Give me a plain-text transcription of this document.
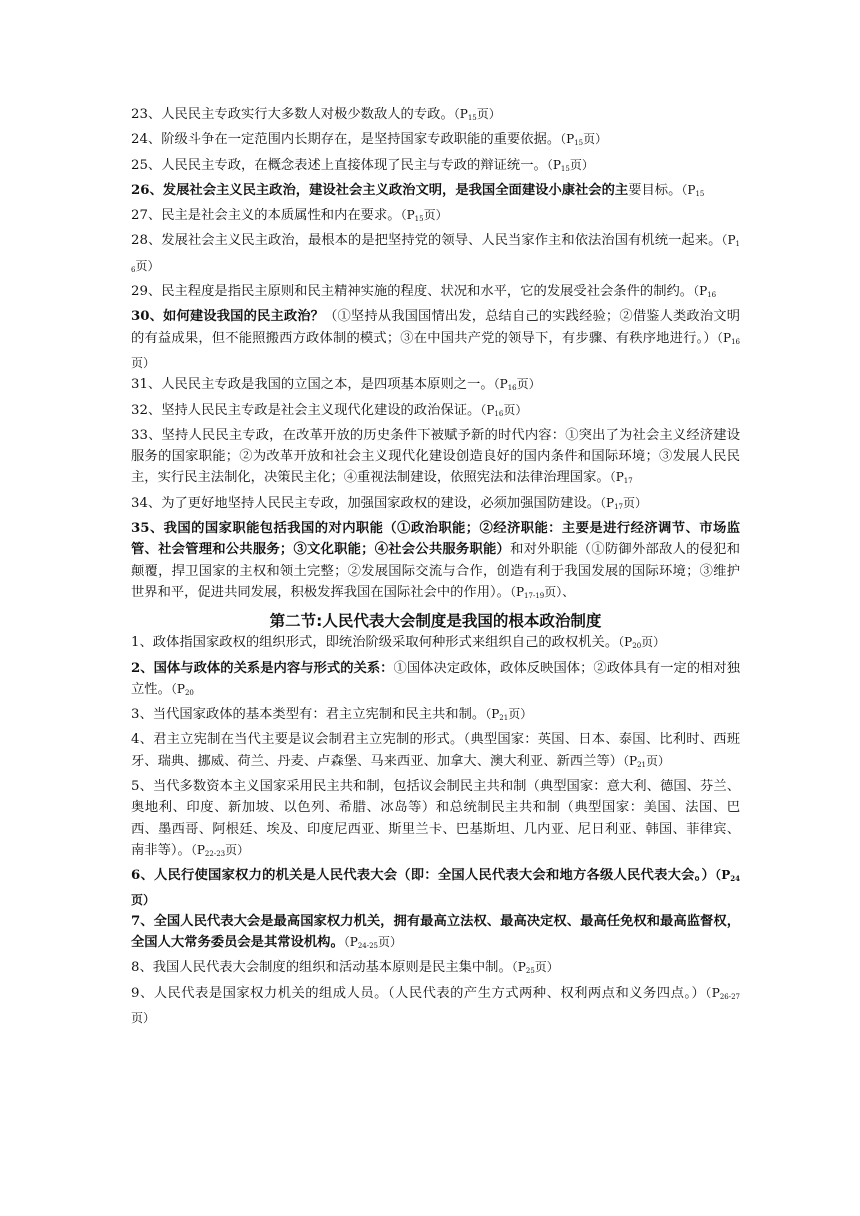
23、人民民主专政实行大多数人对极少数敌人的专政。（$P_{15}$页）

24、阶级斗争在一定范围内长期存在，是坚持国家专政职能的重要依据。（$P_{15}$页）

25、人民民主专政，在概念表述上直接体现了民主与专政的辩证统一。（$P_{15}$页）

26、发展社会主义民主政治，建设社会主义政治文明，是我国全面建设小康社会的主要目标。（$P_{15}$

27、民主是社会主义的本质属性和内在要求。（$P_{15}$页）

28、发展社会主义民主政治，最根本的是把坚持党的领导、人民当家作主和依法治国有机统一起来。（$P_{16}$页）

29、民主程度是指民主原则和民主精神实施的程度、状况和水平，它的发展受社会条件的制约。（$P_{16}$

30、如何建设我国的民主政治？（①坚持从我国国情出发，总结自己的实践经验；②借鉴人类政治文明的有益成果，但不能照搬西方政体制的模式；③在中国共产党的领导下，有步骤、有秩序地进行。）（$P_{16}$页）

31、人民民主专政是我国的立国之本，是四项基本原则之一。（$P_{16}$页）

32、坚持人民民主专政是社会主义现代化建设的政治保证。（$P_{16}$页）

33、坚持人民民主专政，在改革开放的历史条件下被赋予新的时代内容：①突出了为社会主义经济建设服务的国家职能；②为改革开放和社会主义现代化建设创造良好的国内条件和国际环境；③发展人民民主，实行民主法制化，决策民主化；④重视法制建设，依照宪法和法律治理国家。（$P_{17}$

34、为了更好地坚持人民民主专政，加强国家政权的建设，必须加强国防建设。（$P_{17}$页）

35、我国的国家职能包括我国的对内职能（①政治职能；②经济职能：主要是进行经济调节、市场监管、社会管理和公共服务；③文化职能；④社会公共服务职能）和对外职能（①防御外部敌人的侵犯和颠覆，捍卫国家的主权和领土完整；②发展国际交流与合作，创造有利于我国发展的国际环境；③维护世界和平，促进共同发展，积极发挥我国在国际社会中的作用）。（$P_{17-19}$页）、

第二节:人民代表大会制度是我国的根本政治制度

1、政体指国家政权的组织形式，即统治阶级采取何种形式来组织自己的政权机关。（$P_{20}$页）

2、国体与政体的关系是内容与形式的关系：①国体决定政体，政体反映国体；②政体具有一定的相对独立性。（$P_{20}$

3、当代国家政体的基本类型有：君主立宪制和民主共和制。（$P_{21}$页）

4、君主立宪制在当代主要是议会制君主立宪制的形式。（典型国家：英国、日本、泰国、比利时、西班牙、瑞典、挪威、荷兰、丹麦、卢森堡、马来西亚、加拿大、澳大利亚、新西兰等）（$P_{21}$页）

5、当代多数资本主义国家采用民主共和制，包括议会制民主共和制（典型国家：意大利、德国、芬兰、奥地利、印度、新加坡、以色列、希腊、冰岛等）和总统制民主共和制（典型国家：美国、法国、巴西、墨西哥、阿根廷、埃及、印度尼西亚、斯里兰卡、巴基斯坦、几内亚、尼日利亚、韩国、菲律宾、南非等）。（$P_{22-23}$页）

6、人民行使国家权力的机关是人民代表大会（即：全国人民代表大会和地方各级人民代表大会。）（$P_{24}$页）

7、全国人民代表大会是最高国家权力机关，拥有最高立法权、最高决定权、最高任免权和最高监督权，全国人大常务委员会是其常设机构。（$P_{24-25}$页）

8、我国人民代表大会制度的组织和活动基本原则是民主集中制。（$P_{25}$页）

9、人民代表是国家权力机关的组成人员。（人民代表的产生方式两种、权利两点和义务四点。）（$P_{26-27}$页）
